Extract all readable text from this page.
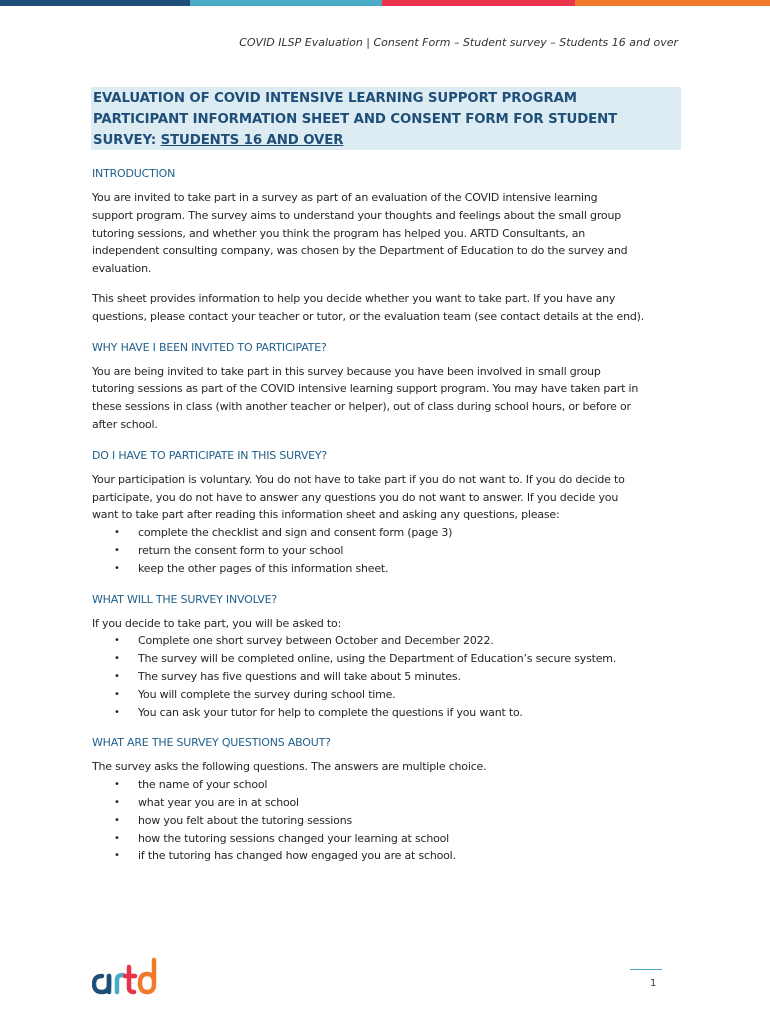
COVID ILSP Evaluation | Consent Form – Student survey – Students 16 and over
EVALUATION OF COVID INTENSIVE LEARNING SUPPORT PROGRAM
PARTICIPANT INFORMATION SHEET AND CONSENT FORM FOR STUDENT
SURVEY: STUDENTS 16 AND OVER
INTRODUCTION

You are invited to take part in a survey as part of an evaluation of the COVID intensive learning

support program. The survey aims to understand your thoughts and feelings about the small group

tutoring sessions, and whether you think the program has helped you. ARTD Consultants, an

independent consulting company, was chosen by the Department of Education to do the survey and

evaluation.

This sheet provides information to help you decide whether you want to take part. If you have any

questions, please contact your teacher or tutor, or the evaluation team (see contact details at the end).

WHY HAVE I BEEN INVITED TO PARTICIPATE?

You are being invited to take part in this survey because you have been involved in small group

tutoring sessions as part of the COVID intensive learning support program. You may have taken part in

these sessions in class (with another teacher or helper), out of class during school hours, or before or

after school.

DO I HAVE TO PARTICIPATE IN THIS SURVEY?

Your participation is voluntary. You do not have to take part if you do not want to. If you do decide to

participate, you do not have to answer any questions you do not want to answer. If you decide you

want to take part after reading this information sheet and asking any questions, please:

• complete the checklist and sign and consent form (page 3)
• return the consent form to your school
• keep the other pages of this information sheet.
WHAT WILL THE SURVEY INVOLVE?

If you decide to take part, you will be asked to:

• Complete one short survey between October and December 2022.
• The survey will be completed online, using the Department of Education’s secure system.
• The survey has five questions and will take about 5 minutes.
• You will complete the survey during school time.
• You can ask your tutor for help to complete the questions if you want to.
WHAT ARE THE SURVEY QUESTIONS ABOUT?

The survey asks the following questions. The answers are multiple choice.

• the name of your school
• what year you are in at school
• how you felt about the tutoring sessions
• how the tutoring sessions changed your learning at school
• if the tutoring has changed how engaged you are at school.
1
